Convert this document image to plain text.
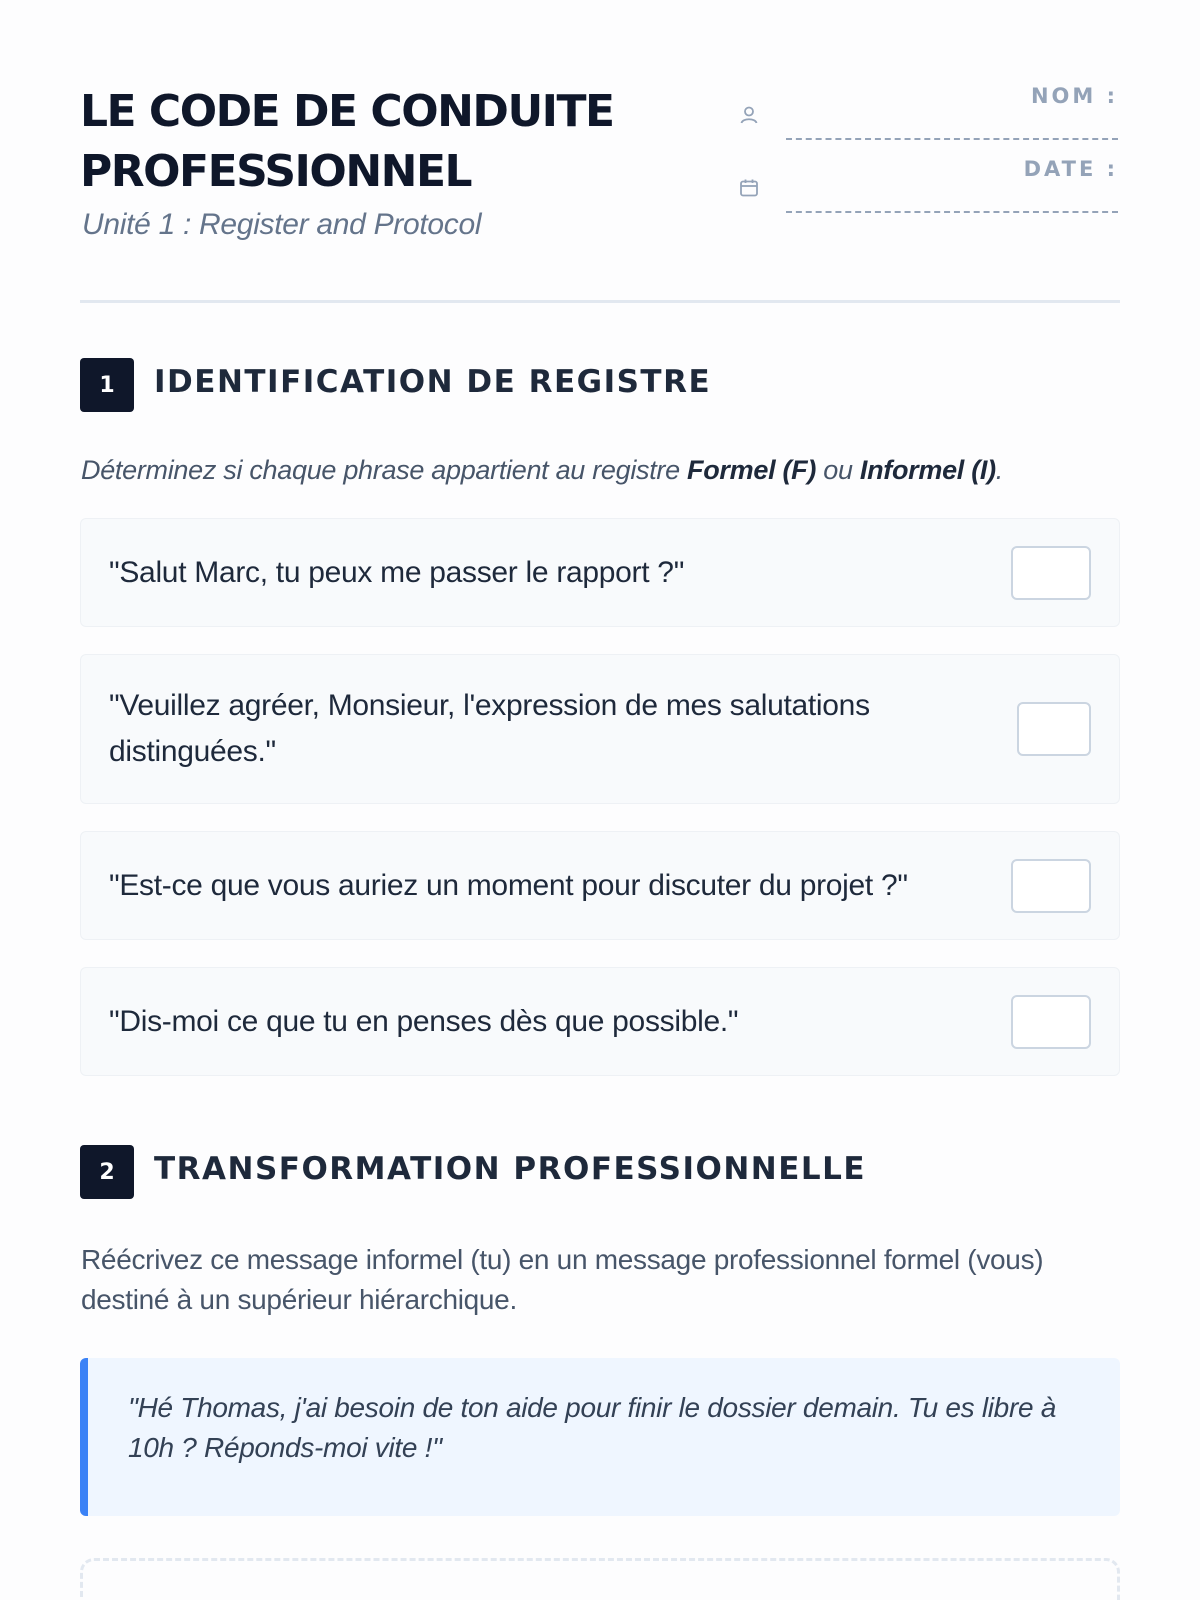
LE CODE DE CONDUITE PROFESSIONNEL
Unité 1 : Register and Protocol
NOM :
DATE :
1	IDENTIFICATION DE REGISTRE

Déterminez si chaque phrase appartient au registre Formel (F) ou Informel (I).

"Salut Marc, tu peux me passer le rapport ?"
"Veuillez agréer, Monsieur, l'expression de mes salutations distinguées."
"Est-ce que vous auriez un moment pour discuter du projet ?"
"Dis-moi ce que tu en penses dès que possible."
2	TRANSFORMATION PROFESSIONNELLE

Réécrivez ce message informel (tu) en un message professionnel formel (vous) destiné à un supérieur hiérarchique.

"Hé Thomas, j'ai besoin de ton aide pour finir le dossier demain. Tu es libre à 10h ? Réponds-moi vite !"
